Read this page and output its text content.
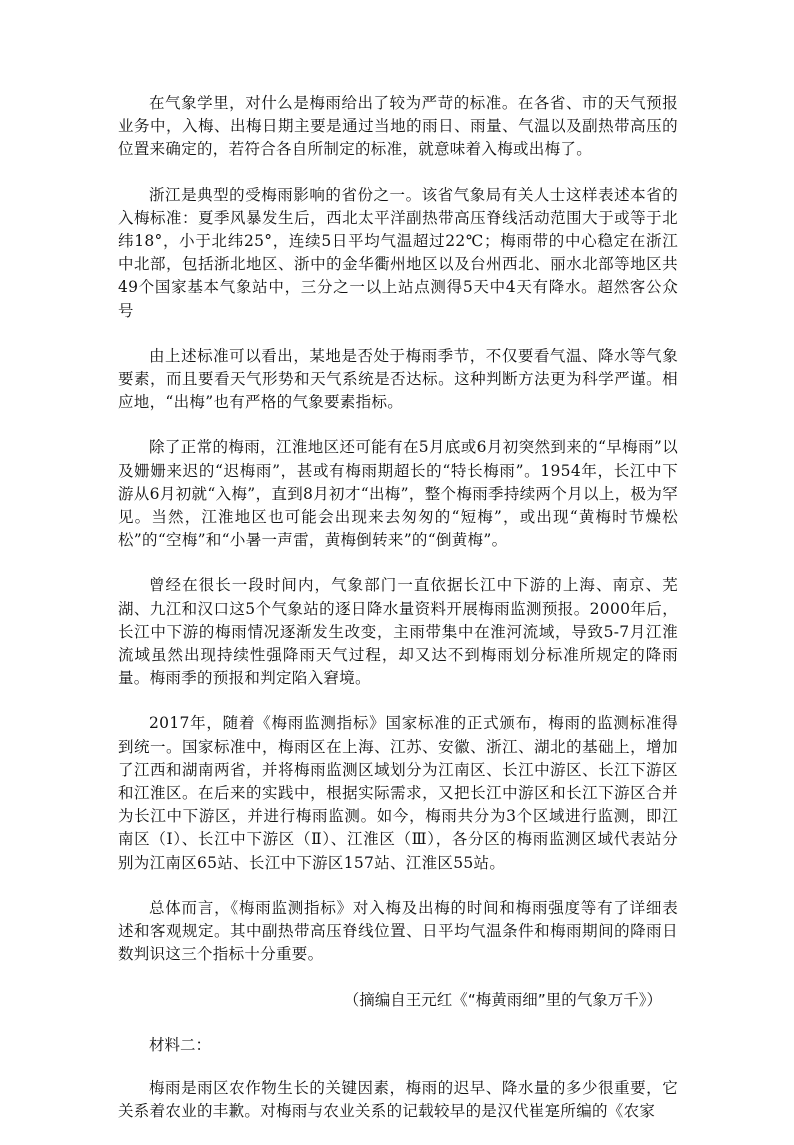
在气象学里，对什么是梅雨给出了较为严苛的标准。在各省、市的天气预报业务中，入梅、出梅日期主要是通过当地的雨日、雨量、气温以及副热带高压的位置来确定的，若符合各自所制定的标准，就意味着入梅或出梅了。

浙江是典型的受梅雨影响的省份之一。该省气象局有关人士这样表述本省的入梅标准：夏季风暴发生后，西北太平洋副热带高压脊线活动范围大于或等于北纬18°，小于北纬25°，连续5日平均气温超过22℃；梅雨带的中心稳定在浙江中北部，包括浙北地区、浙中的金华衢州地区以及台州西北、丽水北部等地区共49个国家基本气象站中，三分之一以上站点测得5天中4天有降水。超然客公众号

由上述标准可以看出，某地是否处于梅雨季节，不仅要看气温、降水等气象要素，而且要看天气形势和天气系统是否达标。这种判断方法更为科学严谨。相应地，“出梅”也有严格的气象要素指标。

除了正常的梅雨，江淮地区还可能有在5月底或6月初突然到来的“早梅雨”以及姗姗来迟的“迟梅雨”，甚或有梅雨期超长的“特长梅雨”。1954年，长江中下游从6月初就“入梅”，直到8月初才“出梅”，整个梅雨季持续两个月以上，极为罕见。当然，江淮地区也可能会出现来去匆匆的“短梅”，或出现“黄梅时节燥松松”的“空梅”和“小暑一声雷，黄梅倒转来”的“倒黄梅”。

曾经在很长一段时间内，气象部门一直依据长江中下游的上海、南京、芜湖、九江和汉口这5个气象站的逐日降水量资料开展梅雨监测预报。2000年后，长江中下游的梅雨情况逐渐发生改变，主雨带集中在淮河流域，导致5-7月江淮流域虽然出现持续性强降雨天气过程，却又达不到梅雨划分标准所规定的降雨量。梅雨季的预报和判定陷入窘境。

2017年，随着《梅雨监测指标》国家标准的正式颁布，梅雨的监测标准得到统一。国家标准中，梅雨区在上海、江苏、安徽、浙江、湖北的基础上，增加了江西和湖南两省，并将梅雨监测区域划分为江南区、长江中游区、长江下游区和江淮区。在后来的实践中，根据实际需求，又把长江中游区和长江下游区合并为长江中下游区，并进行梅雨监测。如今，梅雨共分为3个区域进行监测，即江南区（Ⅰ）、长江中下游区（Ⅱ）、江淮区（Ⅲ），各分区的梅雨监测区域代表站分别为江南区65站、长江中下游区157站、江淮区55站。

总体而言，《梅雨监测指标》对入梅及出梅的时间和梅雨强度等有了详细表述和客观规定。其中副热带高压脊线位置、日平均气温条件和梅雨期间的降雨日数判识这三个指标十分重要。

（摘编自王元红《“梅黄雨细”里的气象万千》）

材料二：

梅雨是雨区农作物生长的关键因素，梅雨的迟早、降水量的多少很重要，它关系着农业的丰歉。对梅雨与农业关系的记载较早的是汉代崔寔所编的《农家
